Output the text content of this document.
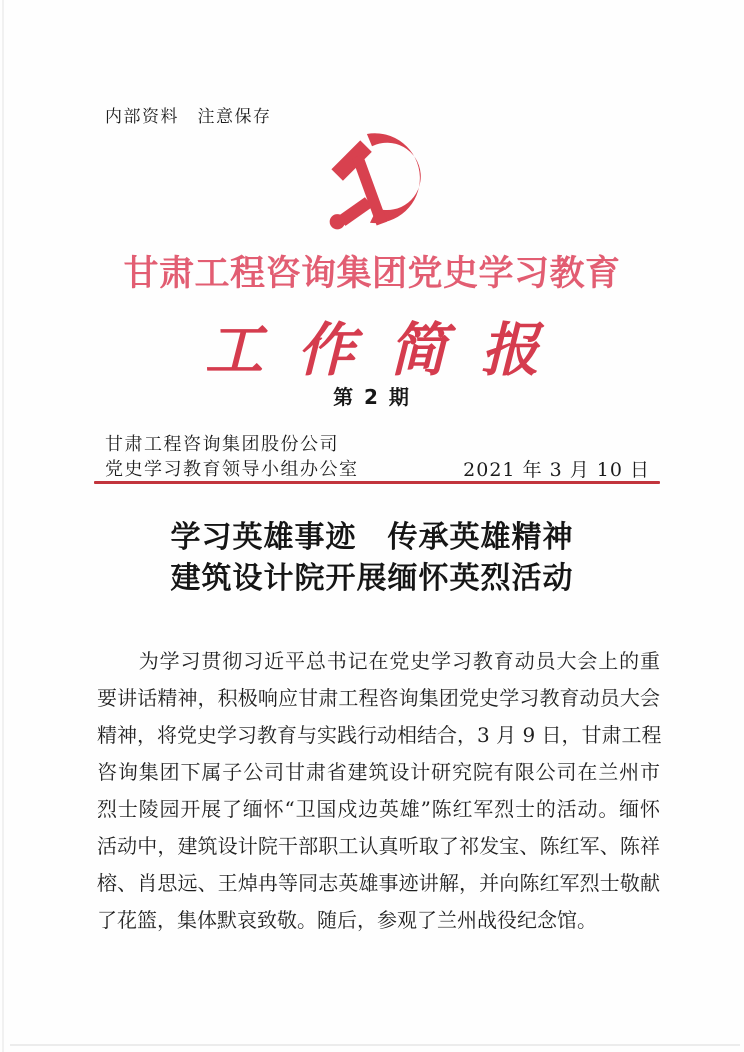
内部资料　注意保存
甘肃工程咨询集团党史学习教育
工作简报
第 2 期
甘肃工程咨询集团股份公司
党史学习教育领导小组办公室	2021 年 3 月 10 日
学习英雄事迹　传承英雄精神
建筑设计院开展缅怀英烈活动
　　为学习贯彻习近平总书记在党史学习教育动员大会上的重
要讲话精神，积极响应甘肃工程咨询集团党史学习教育动员大会
精神，将党史学习教育与实践行动相结合，3 月 9 日，甘肃工程
咨询集团下属子公司甘肃省建筑设计研究院有限公司在兰州市
烈士陵园开展了缅怀“卫国戍边英雄”陈红军烈士的活动。缅怀
活动中，建筑设计院干部职工认真听取了祁发宝、陈红军、陈祥
榕、肖思远、王焯冉等同志英雄事迹讲解，并向陈红军烈士敬献
了花篮，集体默哀致敬。随后，参观了兰州战役纪念馆。
